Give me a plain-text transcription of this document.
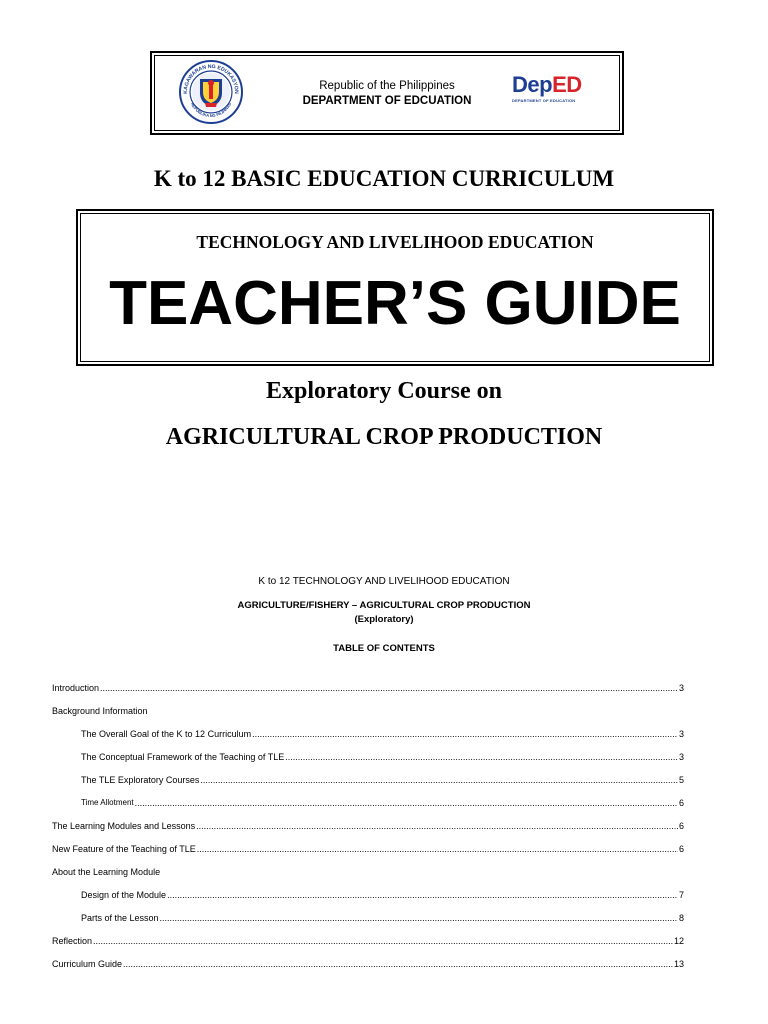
KAGAWARAN NG EDUKASYON
REPUBLIKA NG PILIPINAS
Republic of the Philippines
DEPARTMENT OF EDCUATION
DepED
DEPARTMENT OF EDUCATION
K to 12 BASIC EDUCATION CURRICULUM
TECHNOLOGY AND LIVELIHOOD EDUCATION
TEACHER’S GUIDE
Exploratory Course on
AGRICULTURAL CROP PRODUCTION
K to 12 TECHNOLOGY AND LIVELIHOOD EDUCATION
AGRICULTURE/FISHERY – AGRICULTURAL CROP PRODUCTION
(Exploratory)
TABLE OF CONTENTS
Introduction .....	3
Background Information
The Overall Goal of the K to 12 Curriculum .....	3
The Conceptual Framework of the Teaching of TLE .....	3
The TLE Exploratory Courses .....	5
Time Allotment .....	6
The Learning Modules and Lessons .....	6
New Feature of the Teaching of TLE .....	6
About the Learning Module
Design of the Module .....	7
Parts of the Lesson .....	8
Reflection .....	12
Curriculum Guide .....	13
